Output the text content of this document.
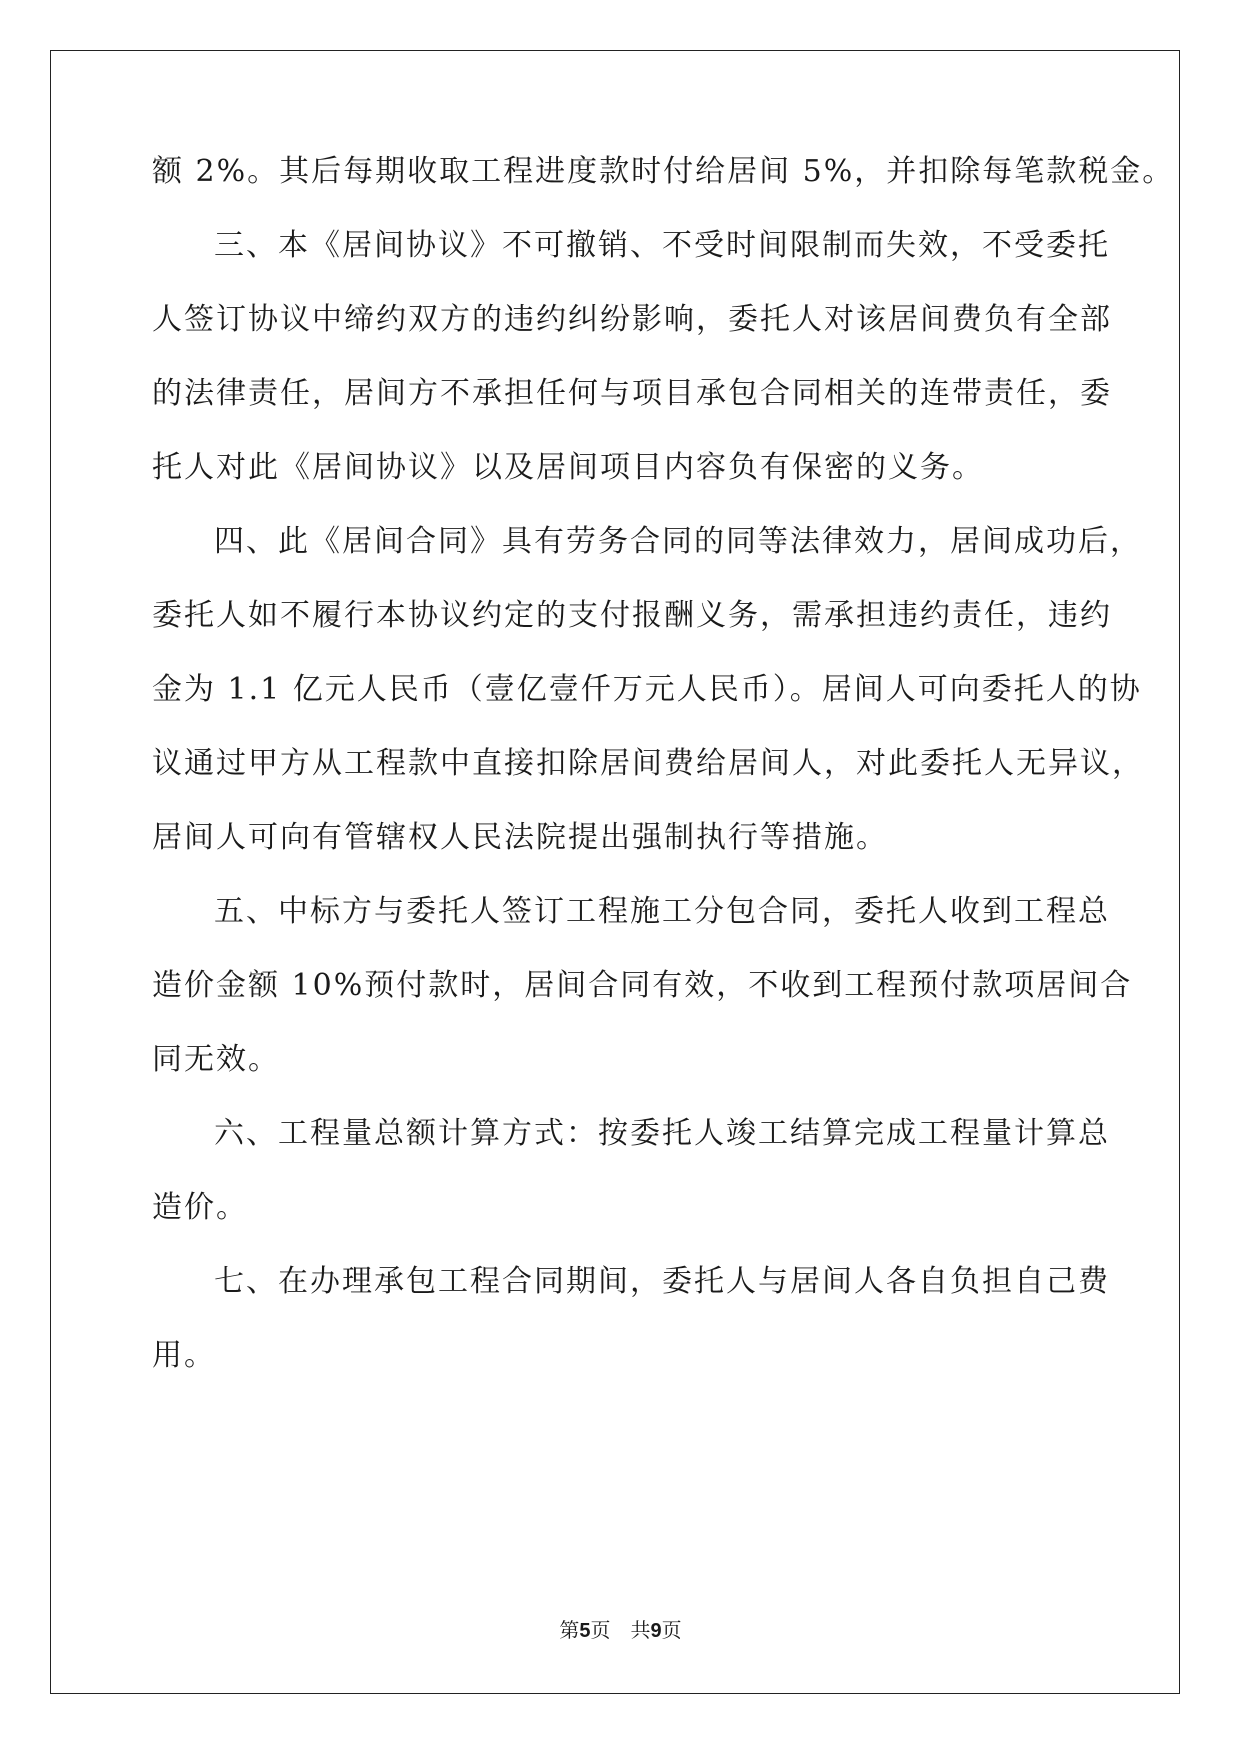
额 2%。其后每期收取工程进度款时付给居间 5%，并扣除每笔款税金。
三、本《居间协议》不可撤销、不受时间限制而失效，不受委托
人签订协议中缔约双方的违约纠纷影响，委托人对该居间费负有全部
的法律责任，居间方不承担任何与项目承包合同相关的连带责任，委
托人对此《居间协议》以及居间项目内容负有保密的义务。
四、此《居间合同》具有劳务合同的同等法律效力，居间成功后，
委托人如不履行本协议约定的支付报酬义务，需承担违约责任，违约
金为 1.1 亿元人民币（壹亿壹仟万元人民币）。居间人可向委托人的协
议通过甲方从工程款中直接扣除居间费给居间人，对此委托人无异议，
居间人可向有管辖权人民法院提出强制执行等措施。
五、中标方与委托人签订工程施工分包合同，委托人收到工程总
造价金额 10%预付款时，居间合同有效，不收到工程预付款项居间合
同无效。
六、工程量总额计算方式：按委托人竣工结算完成工程量计算总
造价。
七、在办理承包工程合同期间，委托人与居间人各自负担自己费
用。
第5页　共9页
